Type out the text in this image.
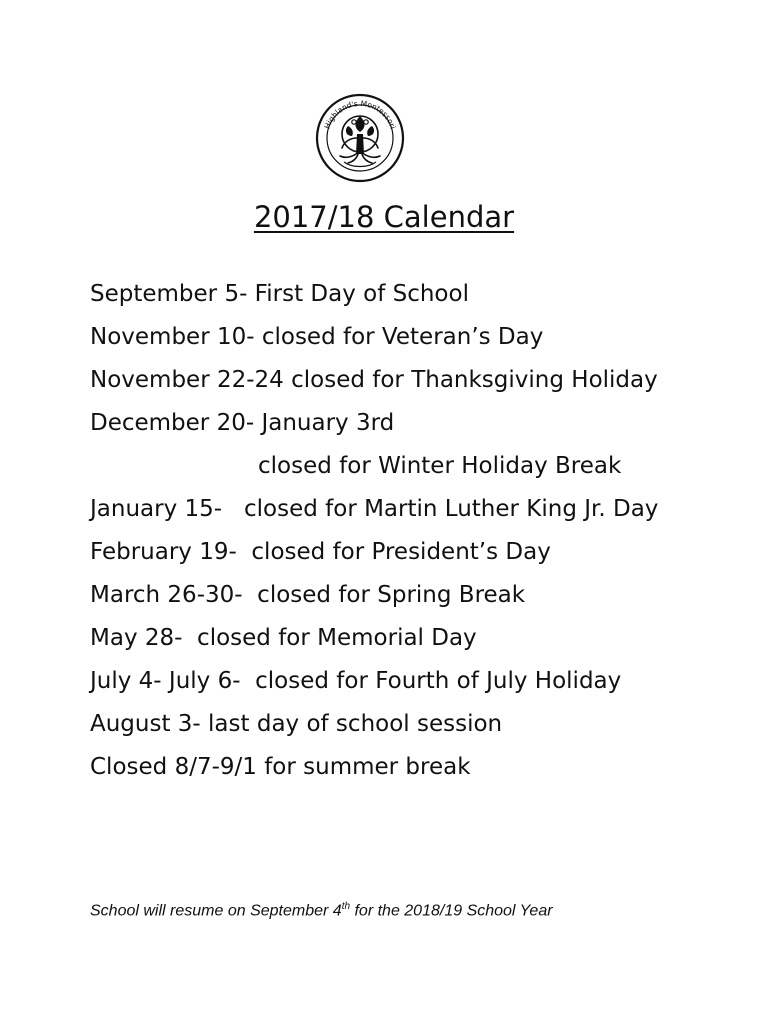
Highland's Montessori
2017/18 Calendar

September 5- First Day of School

November 10- closed for Veteran’s Day

November 22-24 closed for Thanksgiving Holiday

December 20- January 3rd

closed for Winter Holiday Break

January 15-   closed for Martin Luther King Jr. Day

February 19-  closed for President’s Day

March 26-30-  closed for Spring Break

May 28-  closed for Memorial Day

July 4- July 6-  closed for Fourth of July Holiday

August 3- last day of school session

Closed 8/7-9/1 for summer break

School will resume on September 4th for the 2018/19 School Year
